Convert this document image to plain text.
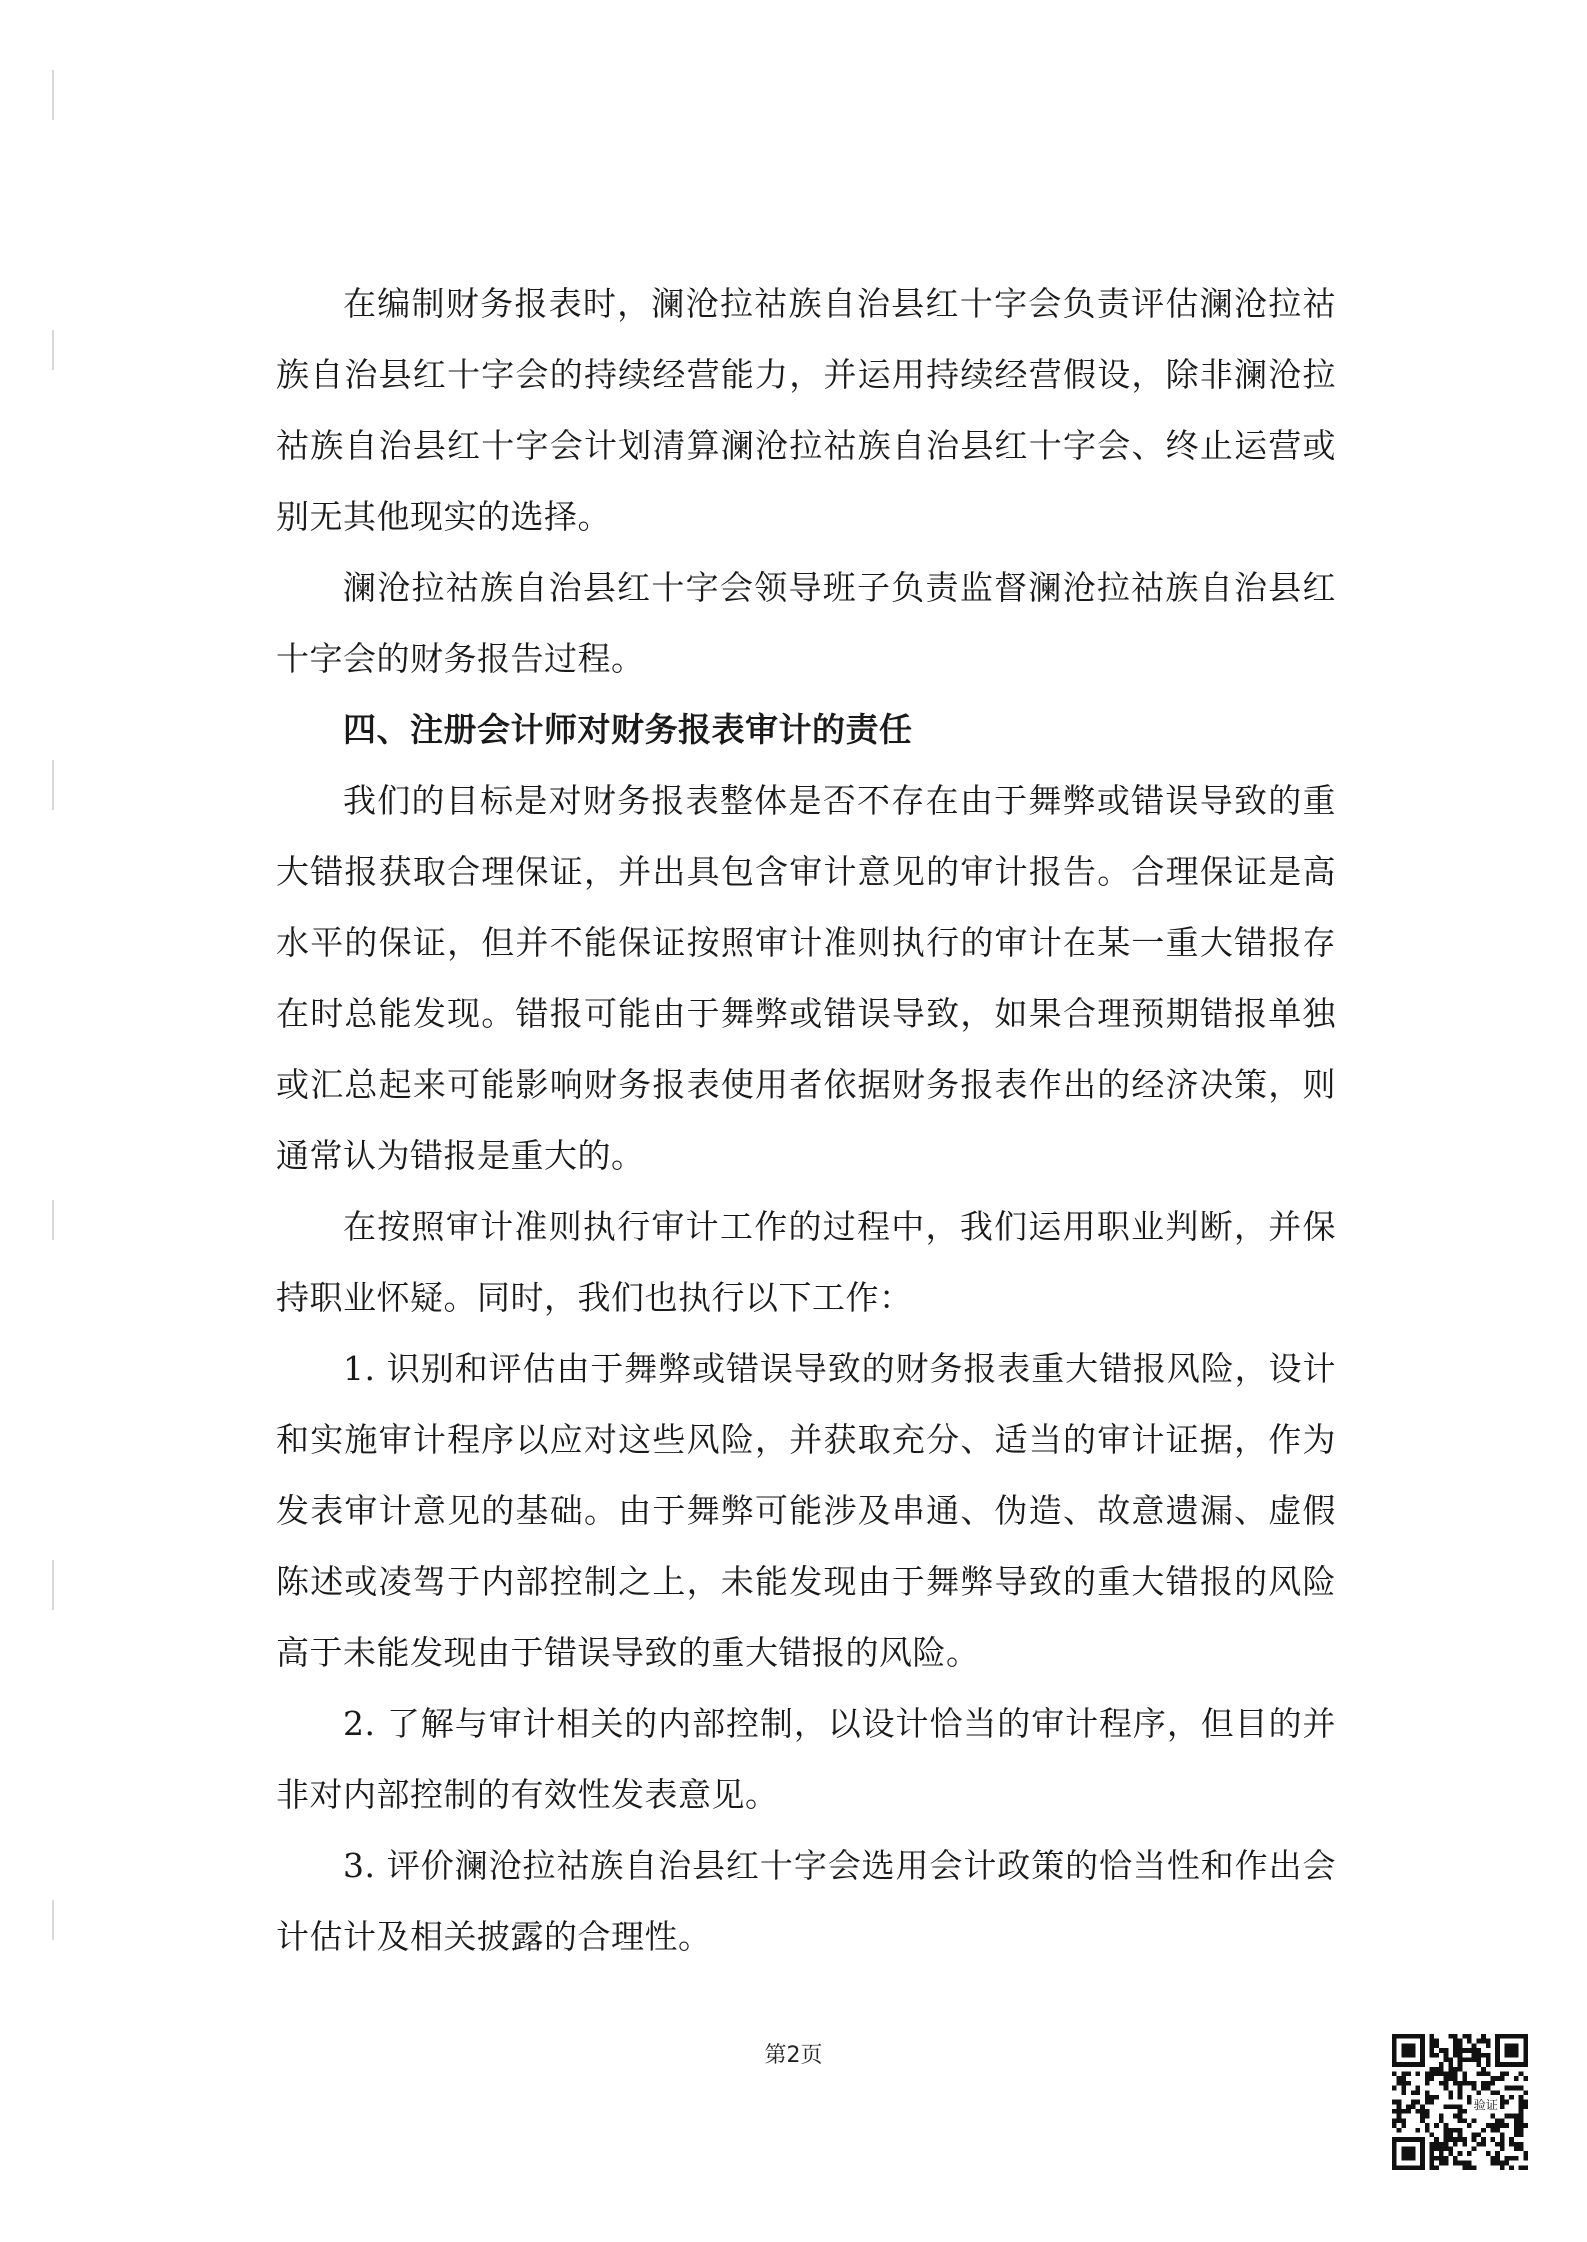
在编制财务报表时，澜沧拉祜族自治县红十字会负责评估澜沧拉祜族自治县红十字会的持续经营能力，并运用持续经营假设，除非澜沧拉祜族自治县红十字会计划清算澜沧拉祜族自治县红十字会、终止运营或别无其他现实的选择。

澜沧拉祜族自治县红十字会领导班子负责监督澜沧拉祜族自治县红十字会的财务报告过程。

四、注册会计师对财务报表审计的责任

我们的目标是对财务报表整体是否不存在由于舞弊或错误导致的重大错报获取合理保证，并出具包含审计意见的审计报告。合理保证是高水平的保证，但并不能保证按照审计准则执行的审计在某一重大错报存在时总能发现。错报可能由于舞弊或错误导致，如果合理预期错报单独或汇总起来可能影响财务报表使用者依据财务报表作出的经济决策，则通常认为错报是重大的。

在按照审计准则执行审计工作的过程中，我们运用职业判断，并保持职业怀疑。同时，我们也执行以下工作：

1. 识别和评估由于舞弊或错误导致的财务报表重大错报风险，设计和实施审计程序以应对这些风险，并获取充分、适当的审计证据，作为发表审计意见的基础。由于舞弊可能涉及串通、伪造、故意遗漏、虚假陈述或凌驾于内部控制之上，未能发现由于舞弊导致的重大错报的风险高于未能发现由于错误导致的重大错报的风险。

2. 了解与审计相关的内部控制，以设计恰当的审计程序，但目的并非对内部控制的有效性发表意见。

3. 评价澜沧拉祜族自治县红十字会选用会计政策的恰当性和作出会计估计及相关披露的合理性。

第2页
验证
